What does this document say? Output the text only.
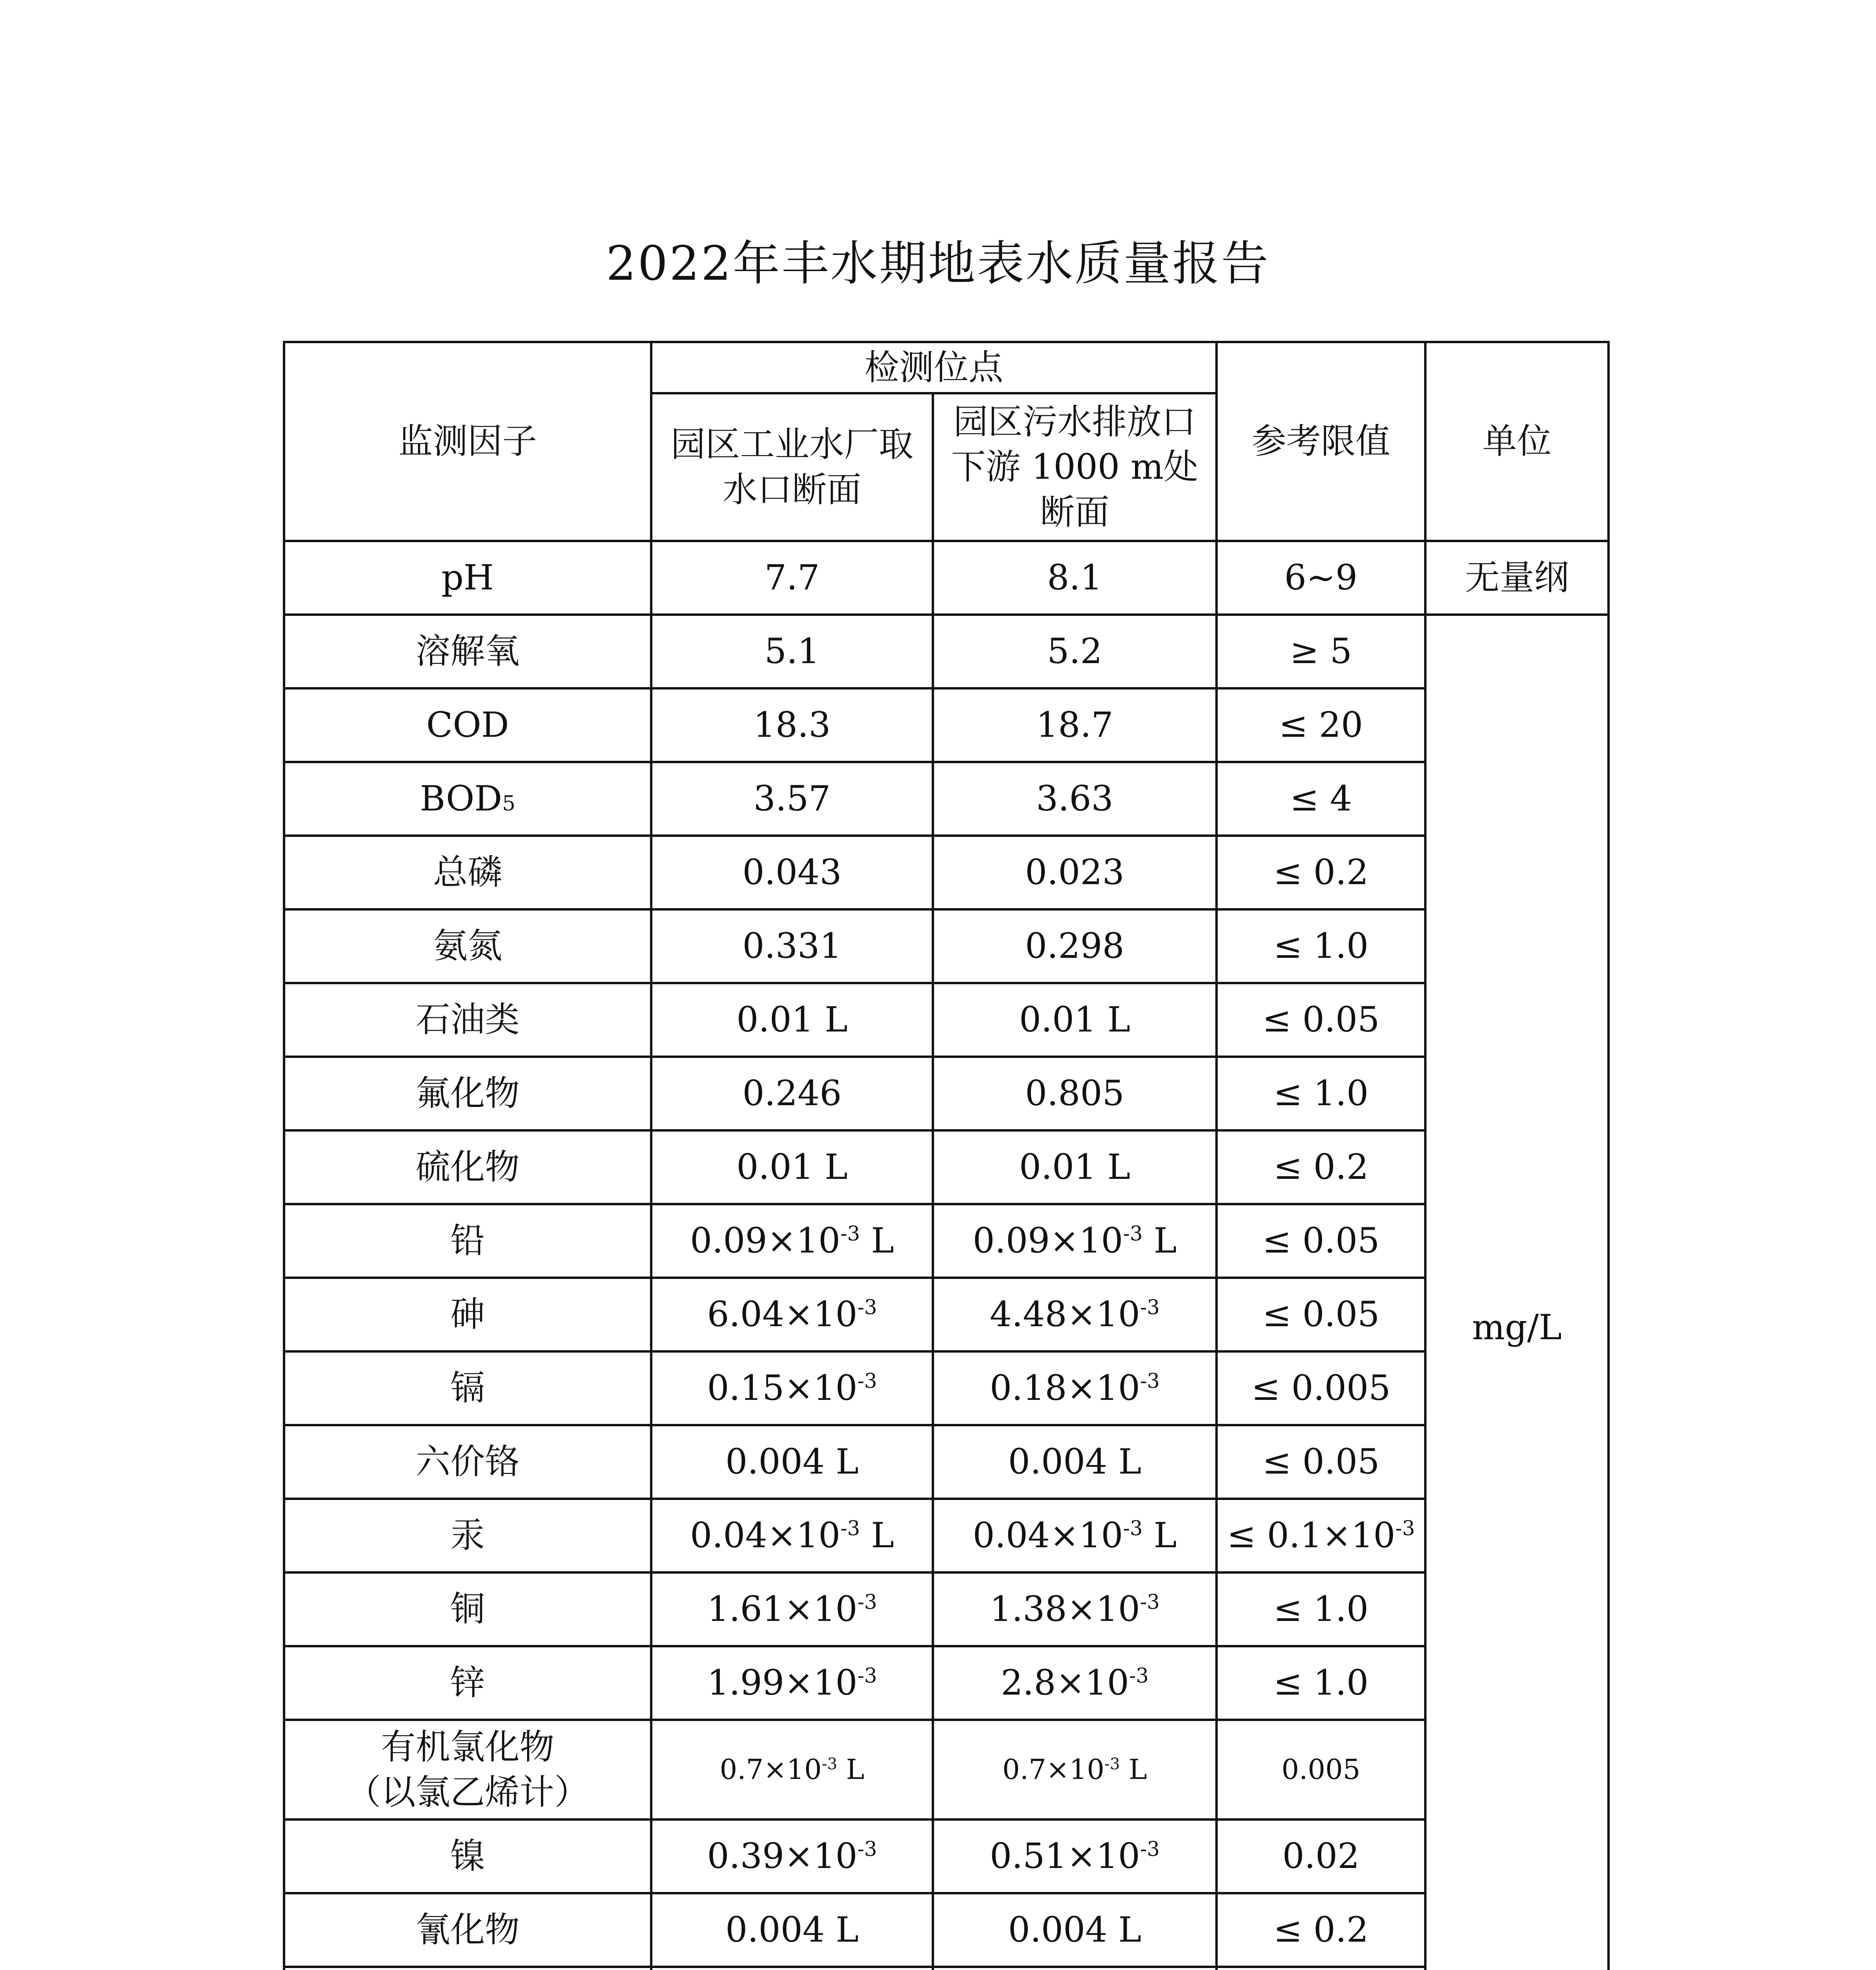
2022年丰水期地表水质量报告
监测因子	检测位点		参考限值	单位
	园区工业水厂取水口断面	园区污水排放口下游 1000 m处断面		
pH	7.7	8.1	6~9	无量纲
溶解氧	5.1	5.2	≥ 5	mg/L
COD	18.3	18.7	≤ 20	
BOD5	3.57	3.63	≤ 4	
总磷	0.043	0.023	≤ 0.2	
氨氮	0.331	0.298	≤ 1.0	
石油类	0.01 L	0.01 L	≤ 0.05	
氟化物	0.246	0.805	≤ 1.0	
硫化物	0.01 L	0.01 L	≤ 0.2	
铅	$0.09\times 10^{-3}$ L	$0.09\times 10^{-3}$ L	≤ 0.05	
砷	$6.04\times 10^{-3}$	$4.48\times 10^{-3}$	≤ 0.05	
镉	$0.15\times 10^{-3}$	$0.18\times 10^{-3}$	≤ 0.005	
六价铬	0.004 L	0.004 L	≤ 0.05	
汞	$0.04\times 10^{-3}$ L	$0.04\times 10^{-3}$ L	≤ $0.1\times 10^{-3}$
铜	$1.61\times 10^{-3}$	$1.38\times 10^{-3}$	≤ 1.0	
锌	$1.99\times 10^{-3}$	$2.8\times 10^{-3}$	≤ 1.0	

有机氯化物
（以氯乙烯计）	$0.7\times 10^{-3}$ L	$0.7\times 10^{-3}$ L	0.005	
镍	$0.39\times 10^{-3}$	$0.51\times 10^{-3}$	0.02	
氰化物	0.004 L	0.004 L	≤ 0.2	
